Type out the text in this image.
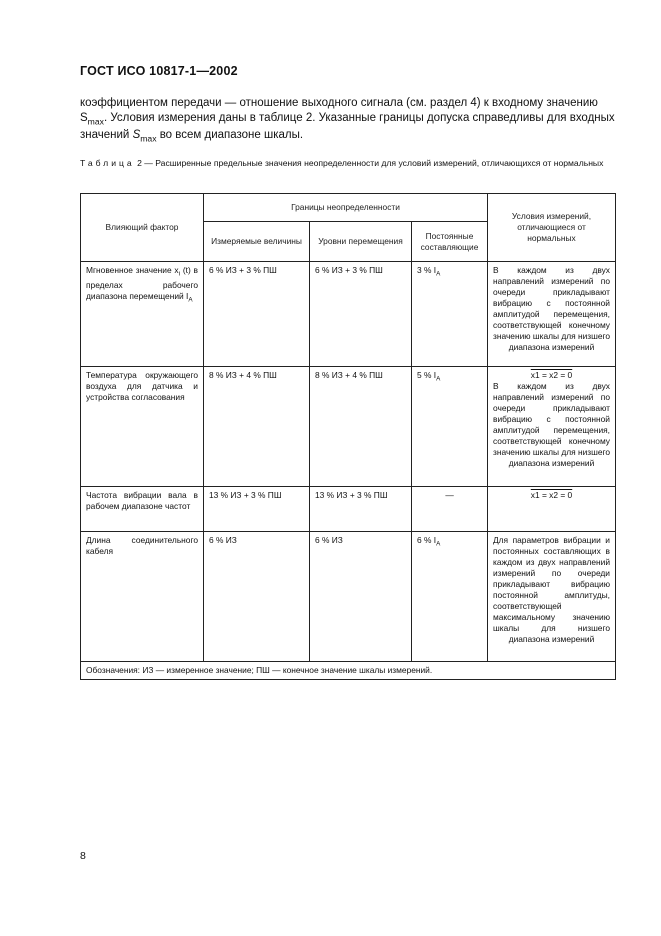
ГОСТ ИСО 10817-1—2002
коэффициентом передачи — отношение выходного сигнала (см. раздел 4) к входному значению $S_{max}$. Условия измерения даны в таблице 2. Указанные границы допуска справедливы для входных значений $S_{max}$ во всем диапазоне шкалы.
Таблица 2 — Расширенные предельные значения неопределенности для условий измерений, отличающихся от нормальных
Влияющий фактор	Границы неопределенности			Условия измерений, отличающиеся от нормальных
	Измеряемые величины	Уровни перемещения	Постоянные составляющие	
Мгновенное значение $x_i$ (t) в пределах рабочего диапазона перемещений $I_A$	6 % ИЗ + 3 % ПШ	6 % ИЗ + 3 % ПШ	3 % $I_A$	В каждом из двух направлений измерений по очереди прикладывают вибрацию с постоянной амплитудой перемещения, соответствующей конечному значению шкалы для низшего диапазона измерений
Температура окружающего воздуха для датчика и устройства согласования	8 % ИЗ + 4 % ПШ	8 % ИЗ + 4 % ПШ	5 % $I_A$	x1 = x2 = 0
В каждом из двух направлений измерений по очереди прикладывают вибрацию с постоянной амплитудой перемещения, соответствующей конечному значению шкалы для низшего диапазона измерений

Частота вибрации вала в рабочем диапазоне частот	13 % ИЗ + 3 % ПШ	13 % ИЗ + 3 % ПШ	—	x1 = x2 = 0

Длина соединительного кабеля	6 % ИЗ	6 % ИЗ	6 % $I_A$	Для параметров вибрации и постоянных составляющих в каждом из двух направлений измерений по очереди прикладывают вибрацию постоянной амплитуды, соответствующей максимальному значению шкалы для низшего диапазона измерений
Обозначения: ИЗ — измеренное значение; ПШ — конечное значение шкалы измерений.				
8
